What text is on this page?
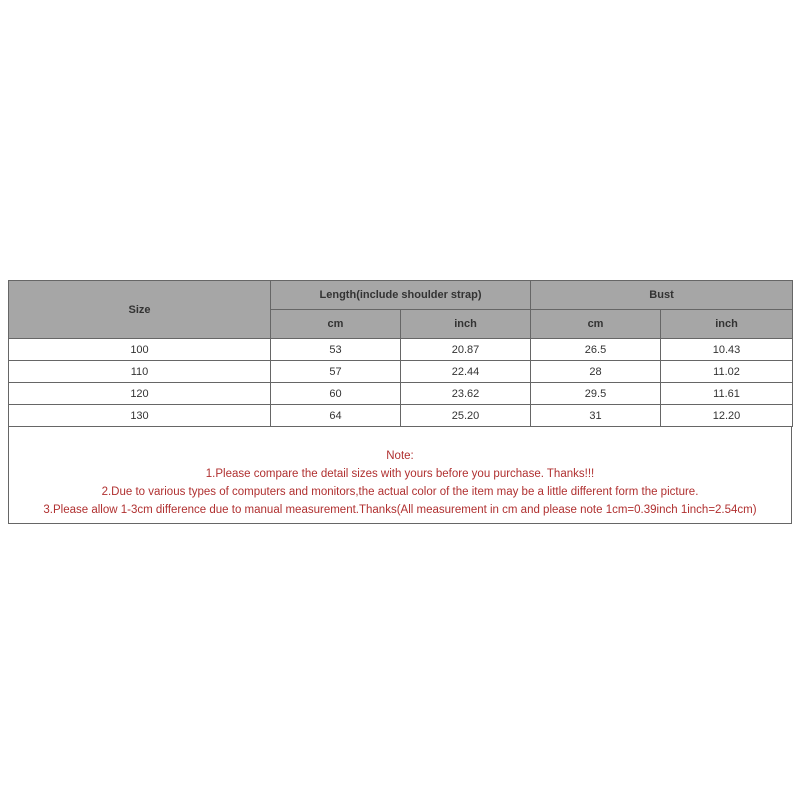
Size	Length(include shoulder strap)		Bust	
	cm	inch	cm	inch
100	53	20.87	26.5	10.43
110	57	22.44	28	11.02
120	60	23.62	29.5	11.61
130	64	25.20	31	12.20
Note:
1.Please compare the detail sizes with yours before you purchase. Thanks!!!
2.Due to various types of computers and monitors,the actual color of the item may be a little different form the picture.
3.Please allow 1-3cm difference due to manual measurement.Thanks(All measurement in cm and please note 1cm=0.39inch 1inch=2.54cm)
